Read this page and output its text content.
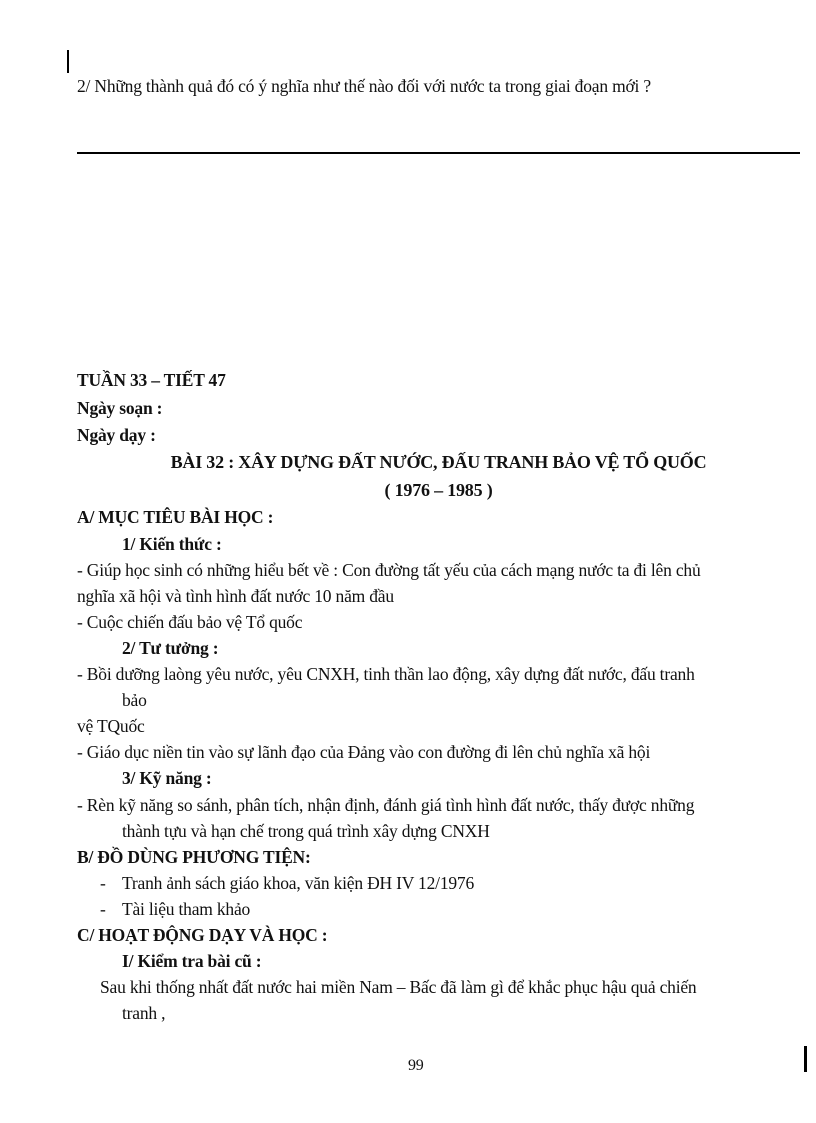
2/ Những thành quả đó có ý nghĩa như thế nào đối với nước ta trong giai đoạn mới ?
TUẦN 33 – TIẾT 47
Ngày soạn :
Ngày dạy :
BÀI 32 : XÂY DỰNG ĐẤT NƯỚC, ĐẤU TRANH BẢO VỆ TỔ QUỐC
( 1976 – 1985 )
A/ MỤC TIÊU BÀI HỌC :
1/ Kiến thức :
- Giúp học sinh có những hiểu bết về : Con đường tất yếu của cách mạng nước ta đi lên chủ
nghĩa xã hội và tình hình đất nước 10 năm đầu
- Cuộc chiến đấu bảo vệ Tổ quốc
2/ Tư tưởng :
- Bồi dưỡng laòng yêu nước, yêu CNXH, tinh thần lao động, xây dựng đất nước, đấu tranh
bảo
vệ TQuốc
- Giáo dục niền tin vào sự lãnh đạo của Đảng vào con đường đi lên chủ nghĩa xã hội
3/ Kỹ năng :
- Rèn kỹ năng so sánh, phân tích, nhận định, đánh giá tình hình đất nước, thấy được những
thành tựu và hạn chế trong quá trình xây dựng CNXH
B/ ĐỒ DÙNG PHƯƠNG TIỆN:
- Tranh ảnh sách giáo khoa, văn kiện ĐH IV 12/1976
- Tài liệu tham khảo
C/ HOẠT ĐỘNG DẠY VÀ HỌC :
I/ Kiểm tra bài cũ :
Sau khi thống nhất đất nước hai miền Nam – Bấc đã làm gì để khắc phục hậu quả chiến
tranh ,
99
